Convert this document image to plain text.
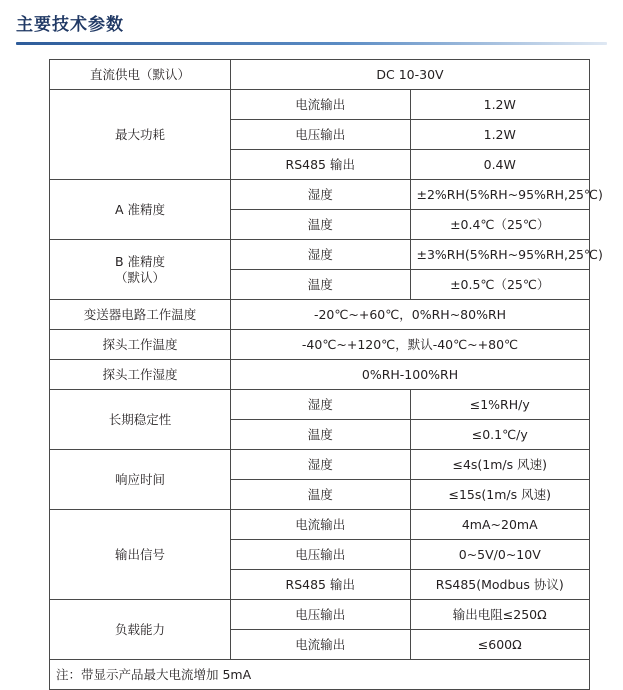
主要技术参数
直流供电（默认）	DC 10-30V	
最大功耗	电流输出	1.2W
	电压输出	1.2W
	RS485 输出	0.4W
A 准精度	湿度	±2%RH(5%RH~95%RH,25℃)
	温度	±0.4℃（25℃）

B 准精度
（默认）	湿度	±3%RH(5%RH~95%RH,25℃)
	温度	±0.5℃（25℃）
变送器电路工作温度	-20℃~+60℃，0%RH~80%RH	
探头工作温度	-40℃~+120℃，默认-40℃~+80℃	
探头工作湿度	0%RH-100%RH	
长期稳定性	湿度	≤1%RH/y
	温度	≤0.1℃/y
响应时间	湿度	≤4s(1m/s 风速)
	温度	≤15s(1m/s 风速)
输出信号	电流输出	4mA~20mA
	电压输出	0~5V/0~10V
	RS485 输出	RS485(Modbus 协议)
负载能力	电压输出	输出电阻≤250Ω
	电流输出	≤600Ω
注：带显示产品最大电流增加 5mA		
